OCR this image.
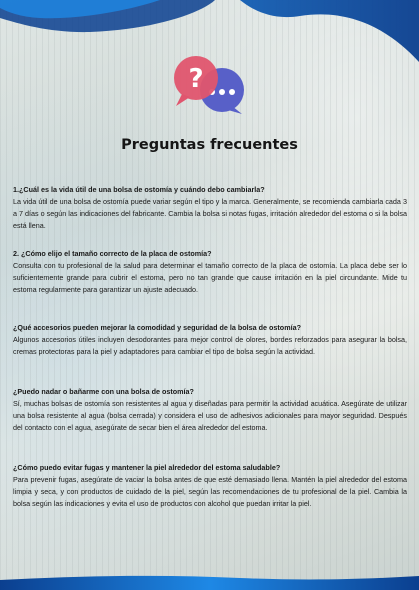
?
Preguntas frecuentes
1.¿Cuál es la vida útil de una bolsa de ostomía y cuándo debo cambiarla?

La vida útil de una bolsa de ostomía puede variar según el tipo y la marca. Generalmente, se recomienda cambiarla cada 3 a 7 días o según las indicaciones del fabricante. Cambia la bolsa si notas fugas, irritación alrededor del estoma o si la bolsa está llena.

2. ¿Cómo elijo el tamaño correcto de la placa de ostomía?

Consulta con tu profesional de la salud para determinar el tamaño correcto de la placa de ostomía. La placa debe ser lo suficientemente grande para cubrir el estoma, pero no tan grande que cause irritación en la piel circundante. Mide tu estoma regularmente para garantizar un ajuste adecuado.

¿Qué accesorios pueden mejorar la comodidad y seguridad de la bolsa de ostomía?

Algunos accesorios útiles incluyen desodorantes para mejor control de olores, bordes reforzados para asegurar la bolsa, cremas protectoras para la piel y adaptadores para cambiar el tipo de bolsa según la actividad.

¿Puedo nadar o bañarme con una bolsa de ostomía?

Sí, muchas bolsas de ostomía son resistentes al agua y diseñadas para permitir la actividad acuática. Asegúrate de utilizar una bolsa resistente al agua (bolsa cerrada) y considera el uso de adhesivos adicionales para mayor seguridad. Después del contacto con el agua, asegúrate de secar bien el área alrededor del estoma.

¿Cómo puedo evitar fugas y mantener la piel alrededor del estoma saludable?

Para prevenir fugas, asegúrate de vaciar la bolsa antes de que esté demasiado llena. Mantén la piel alrededor del estoma limpia y seca, y con productos de cuidado de la piel, según las recomendaciones de tu profesional de la piel. Cambia la bolsa según las indicaciones y evita el uso de productos con alcohol que puedan irritar la piel.
